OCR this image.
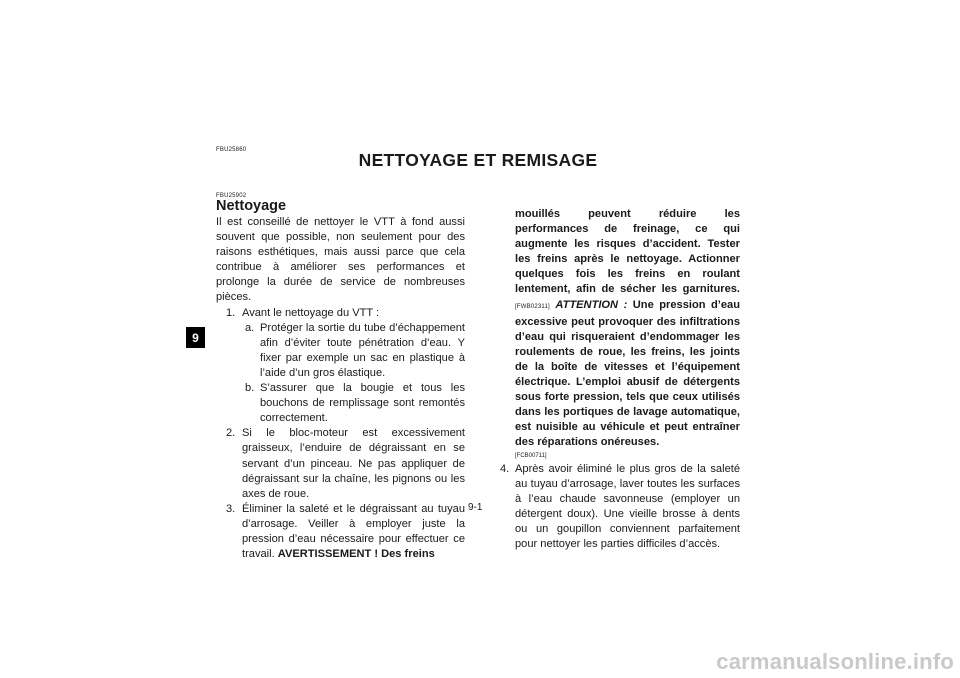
FBU25860	NETTOYAGE ET REMISAGE
FBU25902
Nettoyage

Il est conseillé de nettoyer le VTT à fond aussi souvent que possible, non seulement pour des raisons esthétiques, mais aussi parce que cela contribue à améliorer ses performances et prolonge la durée de service de nombreuses pièces.

1. Avant le nettoyage du VTT :
a. Protéger la sortie du tube d’échappement afin d’éviter toute pénétration d’eau. Y fixer par exemple un sac en plastique à l’aide d’un gros élastique.
b. S’assurer que la bougie et tous les bouchons de remplissage sont remontés correctement.
2. Si le bloc-moteur est excessivement graisseux, l’enduire de dégraissant en se servant d’un pinceau. Ne pas appliquer de dégraissant sur la chaîne, les pignons ou les axes de roue.
3. Éliminer la saleté et le dégraissant au tuyau d’arrosage. Veiller à employer juste la pression d’eau nécessaire pour effectuer ce travail. AVERTISSEMENT ! Des freins
mouillés peuvent réduire les performances de freinage, ce qui augmente les risques d’accident. Tester les freins après le nettoyage. Actionner quelques fois les freins en roulant lentement, afin de sécher les garnitures. [FWB02311] ATTENTION : Une pression d’eau excessive peut provoquer des infiltrations d’eau qui risqueraient d’endommager les roulements de roue, les freins, les joints de la boîte de vitesses et l’équipement électrique. L’emploi abusif de détergents sous forte pression, tels que ceux utilisés dans les portiques de lavage automatique, est nuisible au véhicule et peut entraîner des réparations onéreuses.
[FCB00711]
4. Après avoir éliminé le plus gros de la saleté au tuyau d’arrosage, laver toutes les surfaces à l’eau chaude savonneuse (employer un détergent doux). Une vieille brosse à dents ou un goupillon conviennent parfaitement pour nettoyer les parties difficiles d’accès.
9
9-1
carmanualsonline.info
